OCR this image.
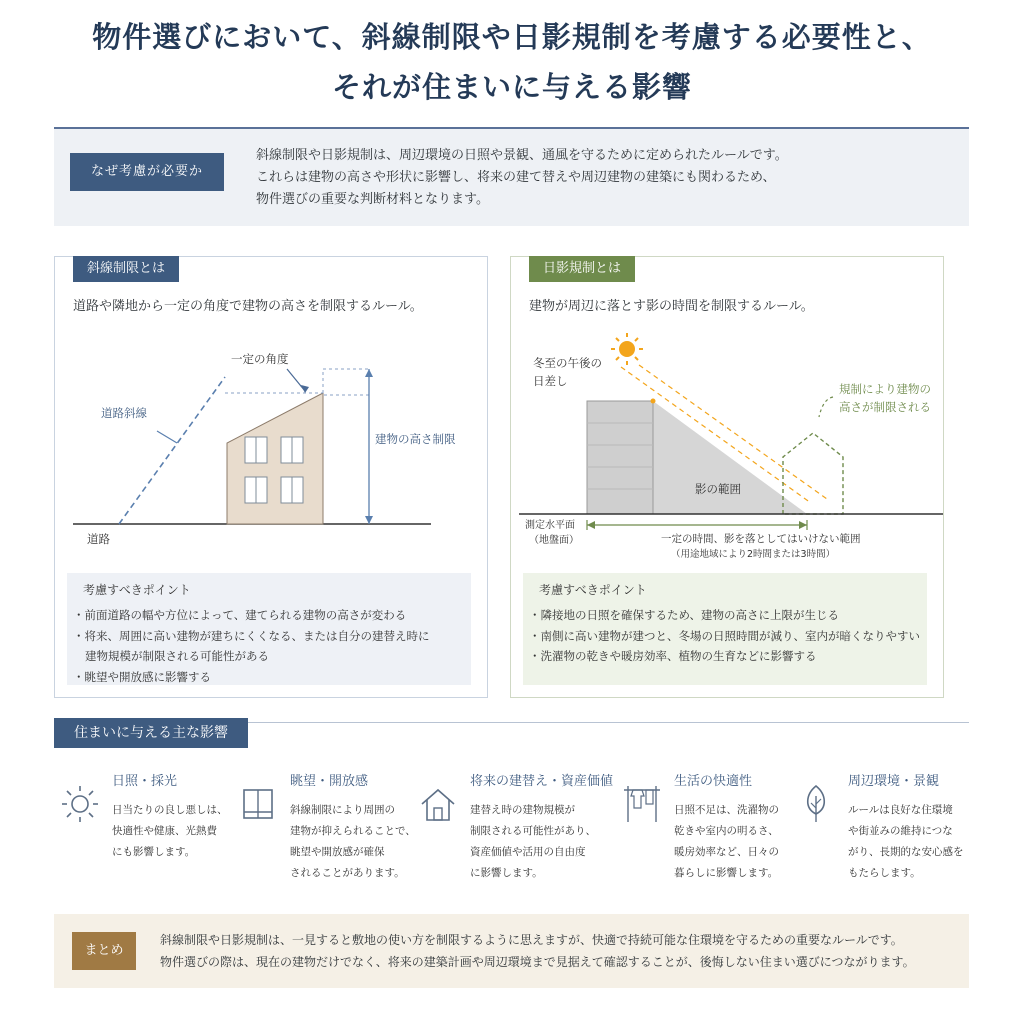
物件選びにおいて、斜線制限や日影規制を考慮する必要性と、
それが住まいに与える影響
なぜ考慮が必要か
斜線制限や日影規制は、周辺環境の日照や景観、通風を守るために定められたルールです。
これらは建物の高さや形状に影響し、将来の建て替えや周辺建物の建築にも関わるため、
物件選びの重要な判断材料となります。
斜線制限とは
道路や隣地から一定の角度で建物の高さを制限するルール。
一定の角度
道路斜線
建物の高さ制限
道路
考慮すべきポイント
・ 前面道路の幅や方位によって、建てられる建物の高さが変わる
・ 将来、周囲に高い建物が建ちにくくなる、または自分の建替え時に
建物規模が制限される可能性がある
・ 眺望や開放感に影響する
日影規制とは
建物が周辺に落とす影の時間を制限するルール。
冬至の午後の
日差し
規制により建物の
高さが制限される
影の範囲
測定水平面
（地盤面）	一定の時間、影を落としてはいけない範囲
（用途地域により2時間または3時間）
考慮すべきポイント
・ 隣接地の日照を確保するため、建物の高さに上限が生じる
・ 南側に高い建物が建つと、冬場の日照時間が減り、室内が暗くなりやすい
・ 洗濯物の乾きや暖房効率、植物の生育などに影響する
住まいに与える主な影響
日照・採光
日当たりの良し悪しは、
快適性や健康、光熱費
にも影響します。
眺望・開放感
斜線制限により周囲の
建物が抑えられることで、
眺望や開放感が確保
されることがあります。
将来の建替え・資産価値
建替え時の建物規模が
制限される可能性があり、
資産価値や活用の自由度
に影響します。
生活の快適性
日照不足は、洗濯物の
乾きや室内の明るさ、
暖房効率など、日々の
暮らしに影響します。
周辺環境・景観
ルールは良好な住環境
や街並みの維持につな
がり、長期的な安心感を
もたらします。
まとめ
斜線制限や日影規制は、一見すると敷地の使い方を制限するように思えますが、快適で持続可能な住環境を守るための重要なルールです。
物件選びの際は、現在の建物だけでなく、将来の建築計画や周辺環境まで見据えて確認することが、後悔しない住まい選びにつながります。
